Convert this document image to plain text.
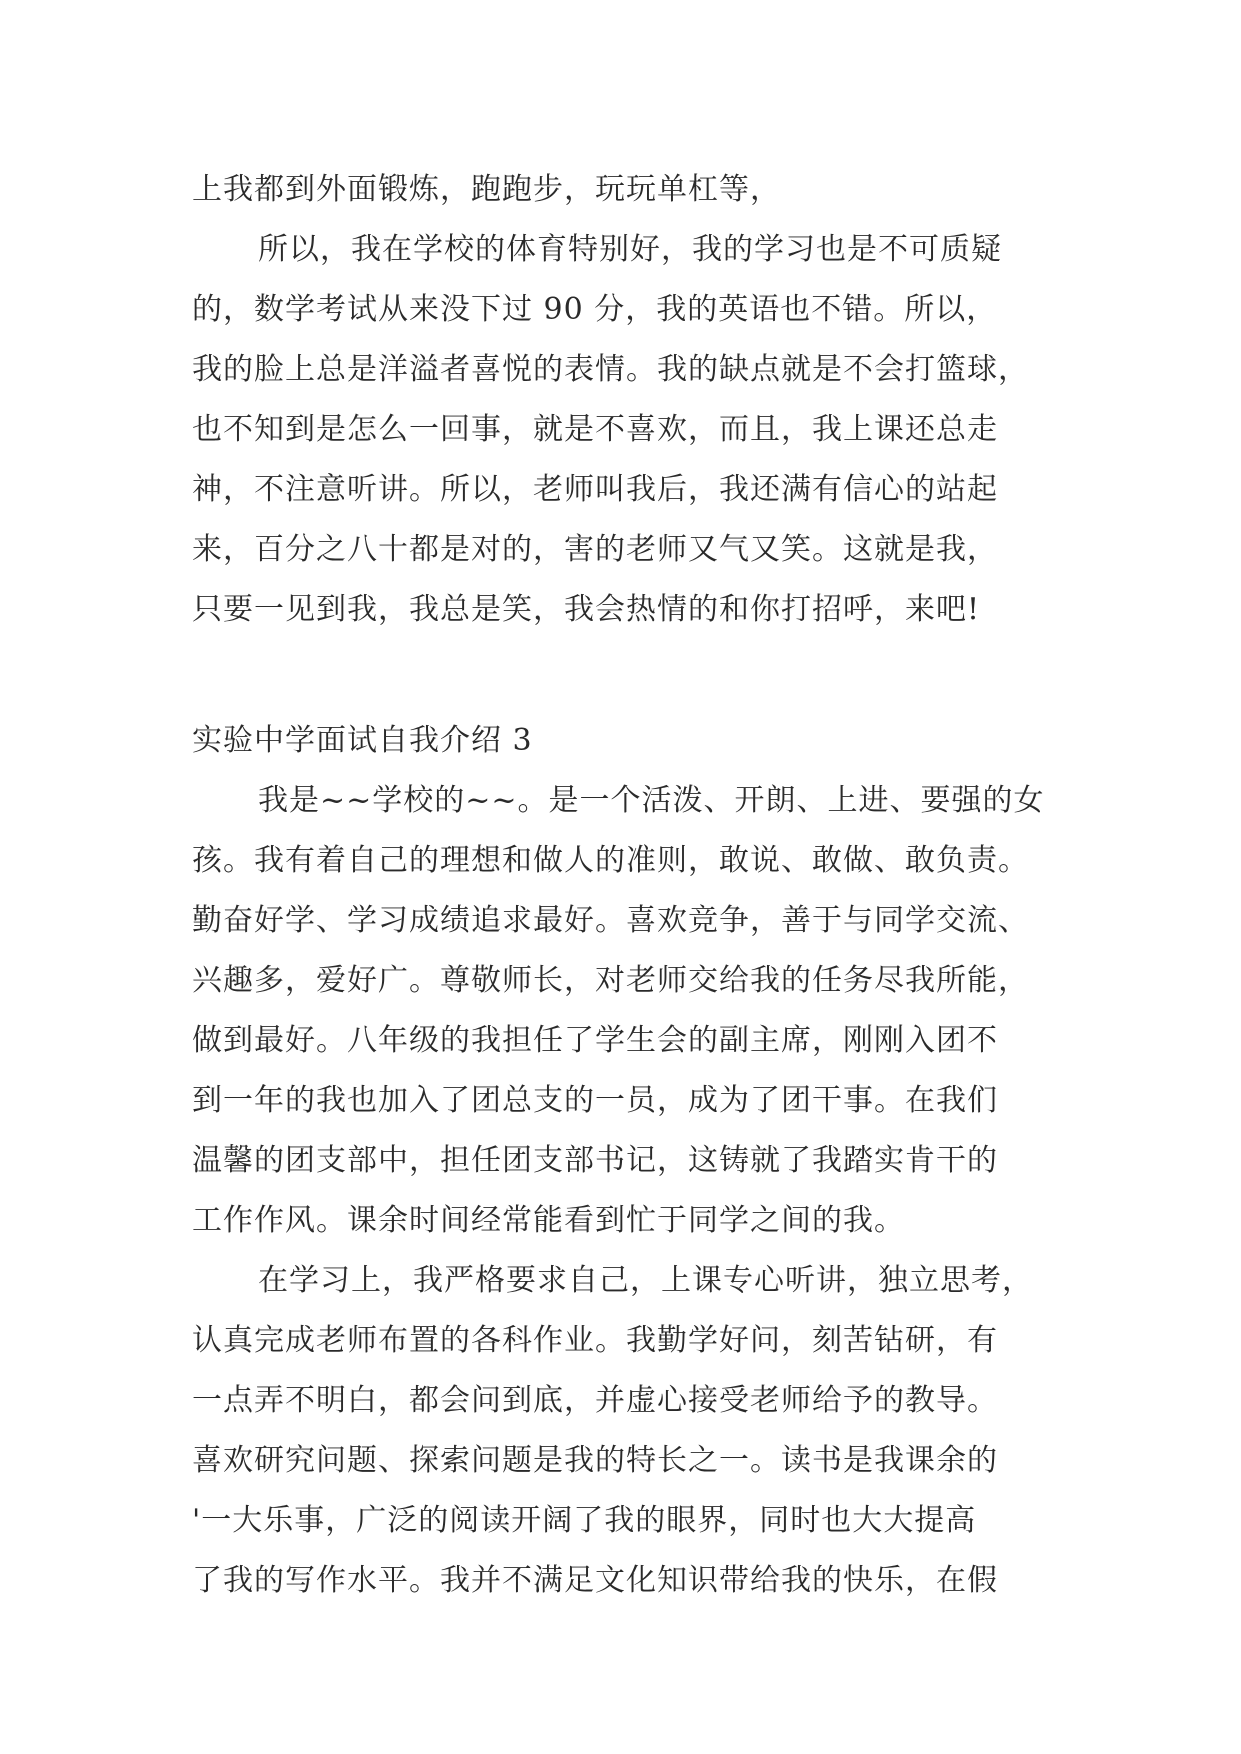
上我都到外面锻炼，跑跑步，玩玩单杠等，
所以，我在学校的体育特别好，我的学习也是不可质疑
的，数学考试从来没下过 90 分，我的英语也不错。所以，
我的脸上总是洋溢者喜悦的表情。我的缺点就是不会打篮球，
也不知到是怎么一回事，就是不喜欢，而且，我上课还总走
神，不注意听讲。所以，老师叫我后，我还满有信心的站起
来，百分之八十都是对的，害的老师又气又笑。这就是我，
只要一见到我，我总是笑，我会热情的和你打招呼，来吧!
实验中学面试自我介绍 3
我是~~学校的~~。是一个活泼、开朗、上进、要强的女
孩。我有着自己的理想和做人的准则，敢说、敢做、敢负责。
勤奋好学、学习成绩追求最好。喜欢竞争，善于与同学交流、
兴趣多，爱好广。尊敬师长，对老师交给我的任务尽我所能，
做到最好。八年级的我担任了学生会的副主席，刚刚入团不
到一年的我也加入了团总支的一员，成为了团干事。在我们
温馨的团支部中，担任团支部书记，这铸就了我踏实肯干的
工作作风。课余时间经常能看到忙于同学之间的我。
在学习上，我严格要求自己，上课专心听讲，独立思考，
认真完成老师布置的各科作业。我勤学好问，刻苦钻研，有
一点弄不明白，都会问到底，并虚心接受老师给予的教导。
喜欢研究问题、探索问题是我的特长之一。读书是我课余的
'一大乐事，广泛的阅读开阔了我的眼界，同时也大大提高
了我的写作水平。我并不满足文化知识带给我的快乐，在假
